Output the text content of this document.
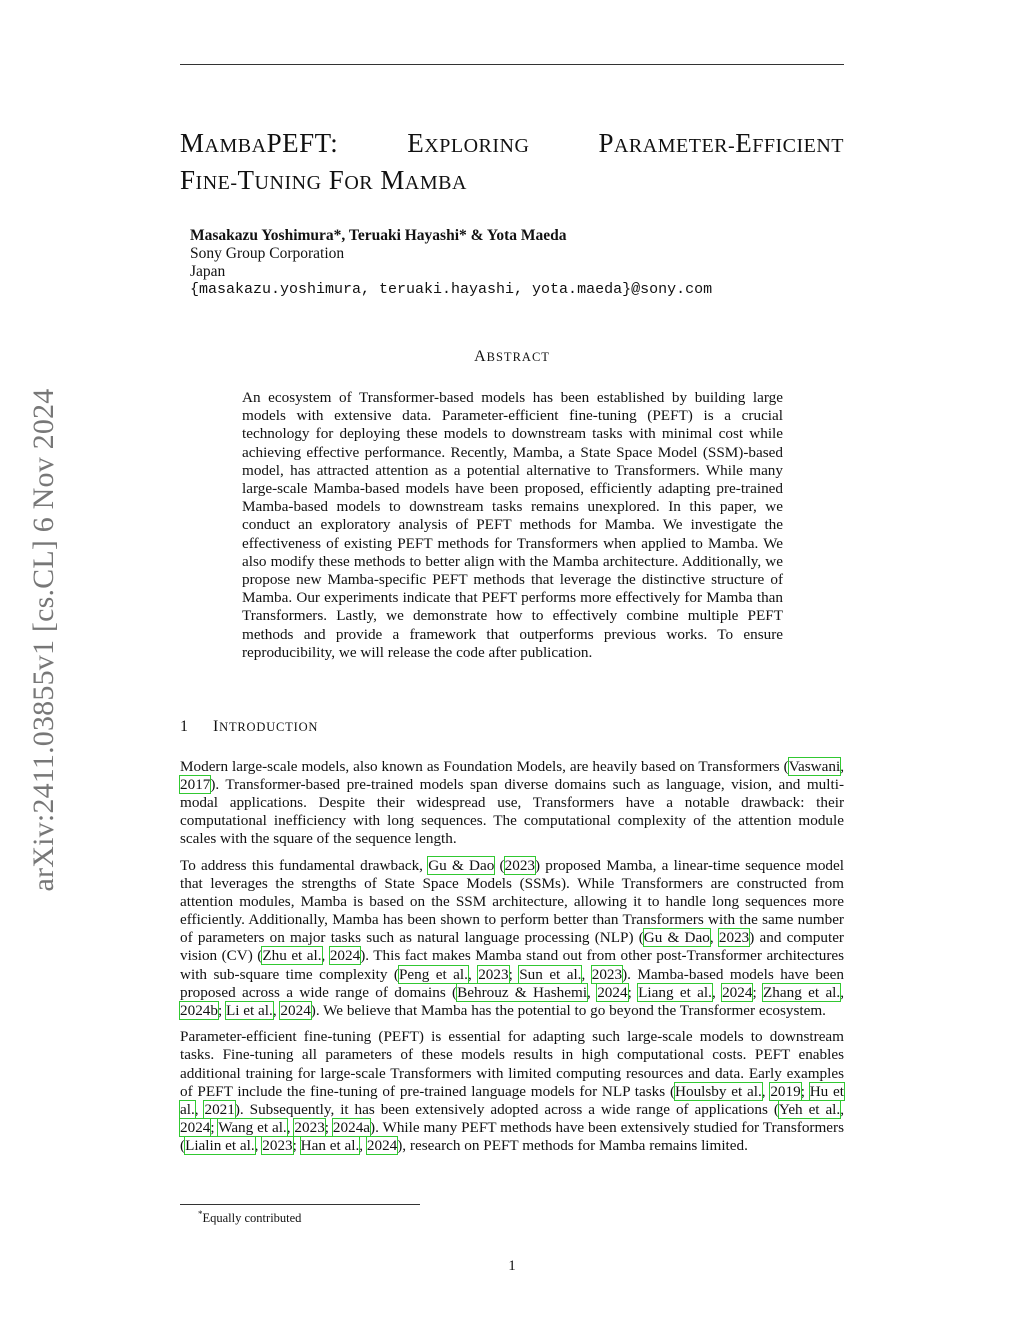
arXiv:2411.03855v1 [cs.CL] 6 Nov 2024
MAMBAPEFT:	EXPLORING	PARAMETER-EFFICIENT
FINE-TUNING FOR MAMBA
Masakazu Yoshimura*, Teruaki Hayashi* & Yota Maeda
Sony Group Corporation
Japan
{masakazu.yoshimura, teruaki.hayashi, yota.maeda}@sony.com
ABSTRACT
An ecosystem of Transformer-based models has been established by building large models with extensive data. Parameter-efficient fine-tuning (PEFT) is a crucial technology for deploying these models to downstream tasks with minimal cost while achieving effective performance. Recently, Mamba, a State Space Model (SSM)-based model, has attracted attention as a potential alternative to Transformers. While many large-scale Mamba-based models have been proposed, efficiently adapting pre-trained Mamba-based models to downstream tasks remains unexplored. In this paper, we conduct an exploratory analysis of PEFT methods for Mamba. We investigate the effectiveness of existing PEFT methods for Transformers when applied to Mamba. We also modify these methods to better align with the Mamba architecture. Additionally, we propose new Mamba-specific PEFT methods that leverage the distinctive structure of Mamba. Our experiments indicate that PEFT performs more effectively for Mamba than Transformers. Lastly, we demonstrate how to effectively combine multiple PEFT methods and provide a framework that outperforms previous works. To ensure reproducibility, we will release the code after publication.
1 INTRODUCTION

Modern large-scale models, also known as Foundation Models, are heavily based on Transformers (Vaswani, 2017). Transformer-based pre-trained models span diverse domains such as language, vision, and multi-modal applications. Despite their widespread use, Transformers have a notable drawback: their computational inefficiency with long sequences. The computational complexity of the attention module scales with the square of the sequence length.

To address this fundamental drawback, Gu & Dao (2023) proposed Mamba, a linear-time sequence model that leverages the strengths of State Space Models (SSMs). While Transformers are constructed from attention modules, Mamba is based on the SSM architecture, allowing it to handle long sequences more efficiently. Additionally, Mamba has been shown to perform better than Transformers with the same number of parameters on major tasks such as natural language processing (NLP) (Gu & Dao, 2023) and computer vision (CV) (Zhu et al., 2024). This fact makes Mamba stand out from other post-Transformer architectures with sub-square time complexity (Peng et al., 2023; Sun et al., 2023). Mamba-based models have been proposed across a wide range of domains (Behrouz & Hashemi, 2024; Liang et al., 2024; Zhang et al., 2024b; Li et al., 2024). We believe that Mamba has the potential to go beyond the Transformer ecosystem.

Parameter-efficient fine-tuning (PEFT) is essential for adapting such large-scale models to downstream tasks. Fine-tuning all parameters of these models results in high computational costs. PEFT enables additional training for large-scale Transformers with limited computing resources and data. Early examples of PEFT include the fine-tuning of pre-trained language models for NLP tasks (Houlsby et al., 2019; Hu et al., 2021). Subsequently, it has been extensively adopted across a wide range of applications (Yeh et al., 2024; Wang et al., 2023; 2024a). While many PEFT methods have been extensively studied for Transformers (Lialin et al., 2023; Han et al., 2024), research on PEFT methods for Mamba remains limited.

*Equally contributed
1
